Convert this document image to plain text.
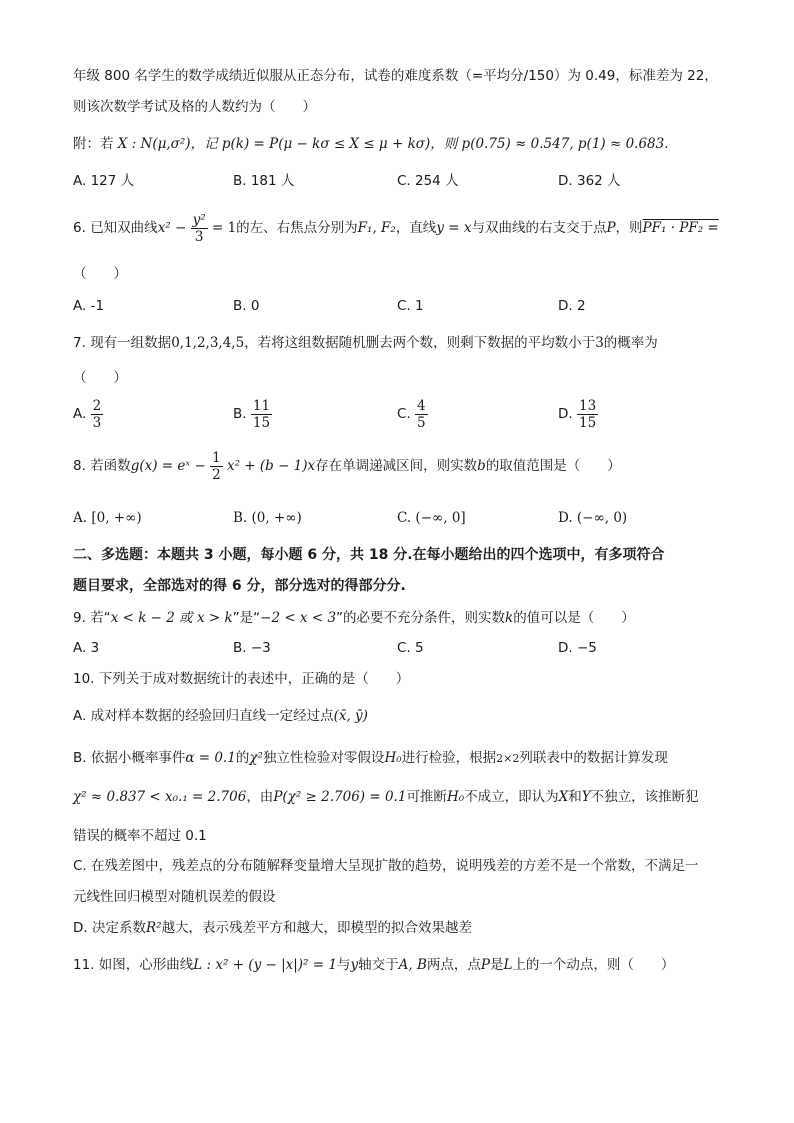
年级 800 名学生的数学成绩近似服从正态分布，试卷的难度系数（=平均分/150）为 0.49，标准差为 22，
则该次数学考试及格的人数约为（　　）
附：若 X : N(μ,σ²)，记 p(k) = P(μ − kσ ≤ X ≤ μ + kσ)，则 p(0.75) ≈ 0.547, p(1) ≈ 0.683.
A. 127 人	B. 181 人	C. 254 人	D. 362 人
6. 已知双曲线$x^2 - \frac{\text{y²}}{3} = 1$的左、右焦点分别为F₁, F₂，直线y = x与双曲线的右支交于点P，则PF₁ · PF₂ =
（　　）
A. -1	B. 0	C. 1	D. 2
7. 现有一组数据0,1,2,3,4,5，若将这组数据随机删去两个数，则剩下数据的平均数小于3的概率为
（　　）
A. $\frac{2}{3}$	B. $\frac{11}{15}$	C. $\frac{4}{5}$	D. $\frac{13}{15}$
8. 若函数g(x) = eˣ − $\frac{1}{2} x^2 + (b - 1)x$存在单调递减区间，则实数b的取值范围是（　　）
A. [0, +∞)	B. (0, +∞)	C. (−∞, 0]	D. (−∞, 0)
二、多选题：本题共 3 小题，每小题 6 分，共 18 分.在每小题给出的四个选项中，有多项符合
题目要求，全部选对的得 6 分，部分选对的得部分分.
9. 若“x < k − 2 或 x > k”是“−2 < x < 3”的必要不充分条件，则实数k的值可以是（　　）
A. 3	B. −3	C. 5	D. −5
10. 下列关于成对数据统计的表述中，正确的是（　　）
A. 成对样本数据的经验回归直线一定经过点(x̄, ȳ)
B. 依据小概率事件α = 0.1的χ²独立性检验对零假设H₀进行检验，根据2×2列联表中的数据计算发现
χ² ≈ 0.837 < x₀.₁ = 2.706，由P(χ² ≥ 2.706) = 0.1可推断H₀不成立，即认为X和Y不独立，该推断犯
错误的概率不超过 0.1
C. 在残差图中，残差点的分布随解释变量增大呈现扩散的趋势，说明残差的方差不是一个常数，不满足一
元线性回归模型对随机误差的假设
D. 决定系数R²越大，表示残差平方和越大，即模型的拟合效果越差
11. 如图，心形曲线L : x² + (y − |x|)² = 1与y轴交于A, B两点，点P是L上的一个动点，则（　　）
